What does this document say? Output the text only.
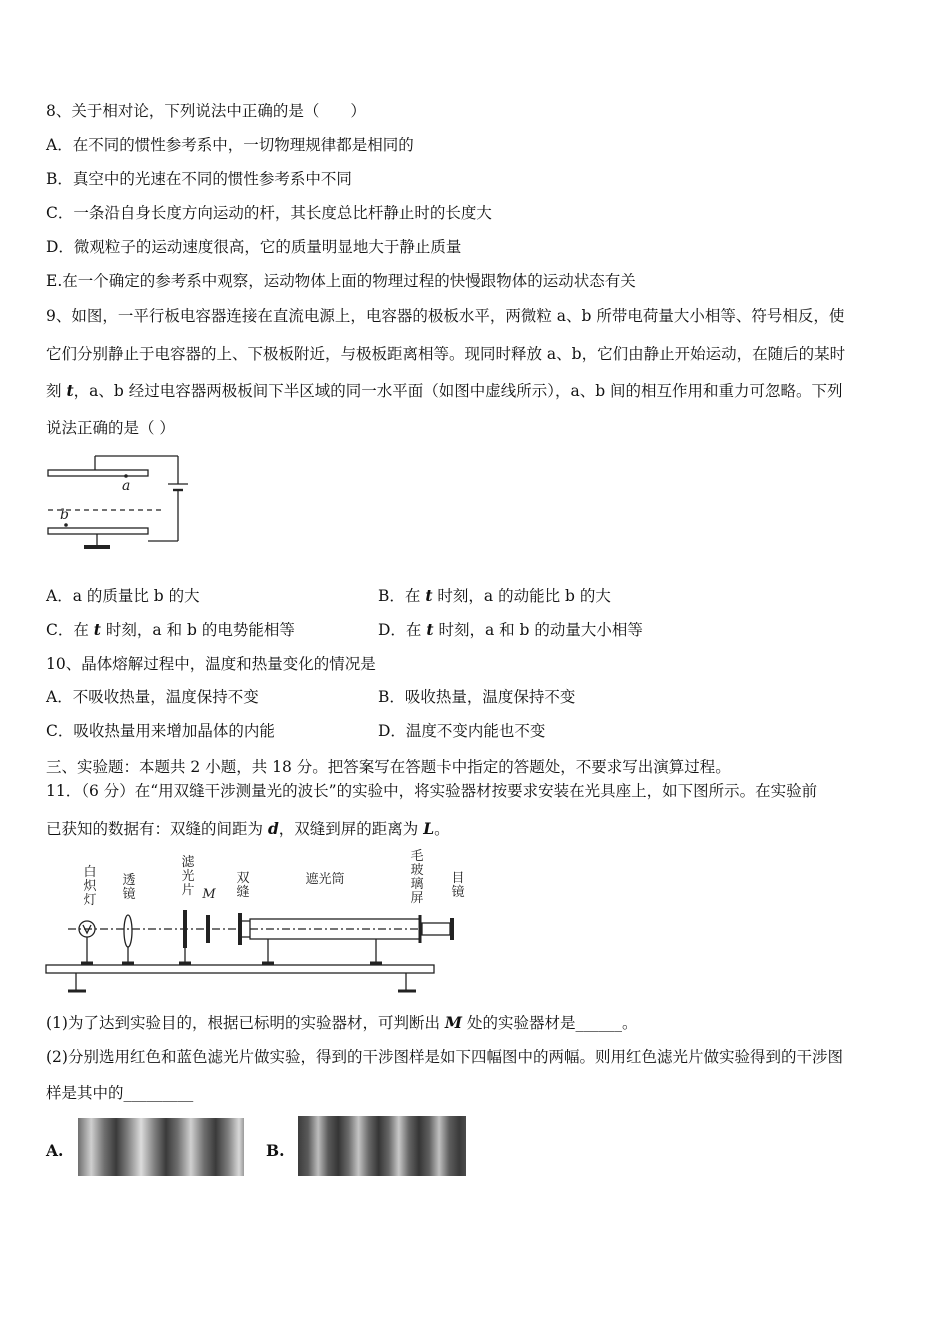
8、关于相对论，下列说法中正确的是（　　）
A．在不同的惯性参考系中，一切物理规律都是相同的
B．真空中的光速在不同的惯性参考系中不同
C．一条沿自身长度方向运动的杆，其长度总比杆静止时的长度大
D．微观粒子的运动速度很高，它的质量明显地大于静止质量
E.在一个确定的参考系中观察，运动物体上面的物理过程的快慢跟物体的运动状态有关
9、如图，一平行板电容器连接在直流电源上，电容器的极板水平，两微粒 a、b 所带电荷量大小相等、符号相反，使
它们分别静止于电容器的上、下极板附近，与极板距离相等。现同时释放 a、b，它们由静止开始运动，在随后的某时
刻 t，a、b 经过电容器两极板间下半区域的同一水平面（如图中虚线所示），a、b 间的相互作用和重力可忽略。下列
说法正确的是（ ）
a
b
A．a 的质量比 b 的大	B．在 t 时刻，a 的动能比 b 的大
C．在 t 时刻，a 和 b 的电势能相等	D．在 t 时刻，a 和 b 的动量大小相等
10、晶体熔解过程中，温度和热量变化的情况是
A．不吸收热量，温度保持不变	B．吸收热量，温度保持不变
C．吸收热量用来增加晶体的内能	D．温度不变内能也不变
三、实验题：本题共 2 小题，共 18 分。把答案写在答题卡中指定的答题处，不要求写出演算过程。
11．（6 分）在“用双缝干涉测量光的波长”的实验中，将实验器材按要求安装在光具座上，如下图所示。在实验前
已获知的数据有：双缝的间距为 d，双缝到屏的距离为 L。
白
炽
灯
透
镜
滤
光
片 M
双
缝
遮光筒
毛
玻
璃
屏
目
镜
(1)为了达到实验目的，根据已标明的实验器材，可判断出 M 处的实验器材是______。
(2)分别选用红色和蓝色滤光片做实验，得到的干涉图样是如下四幅图中的两幅。则用红色滤光片做实验得到的干涉图
样是其中的_________
A.	B.
